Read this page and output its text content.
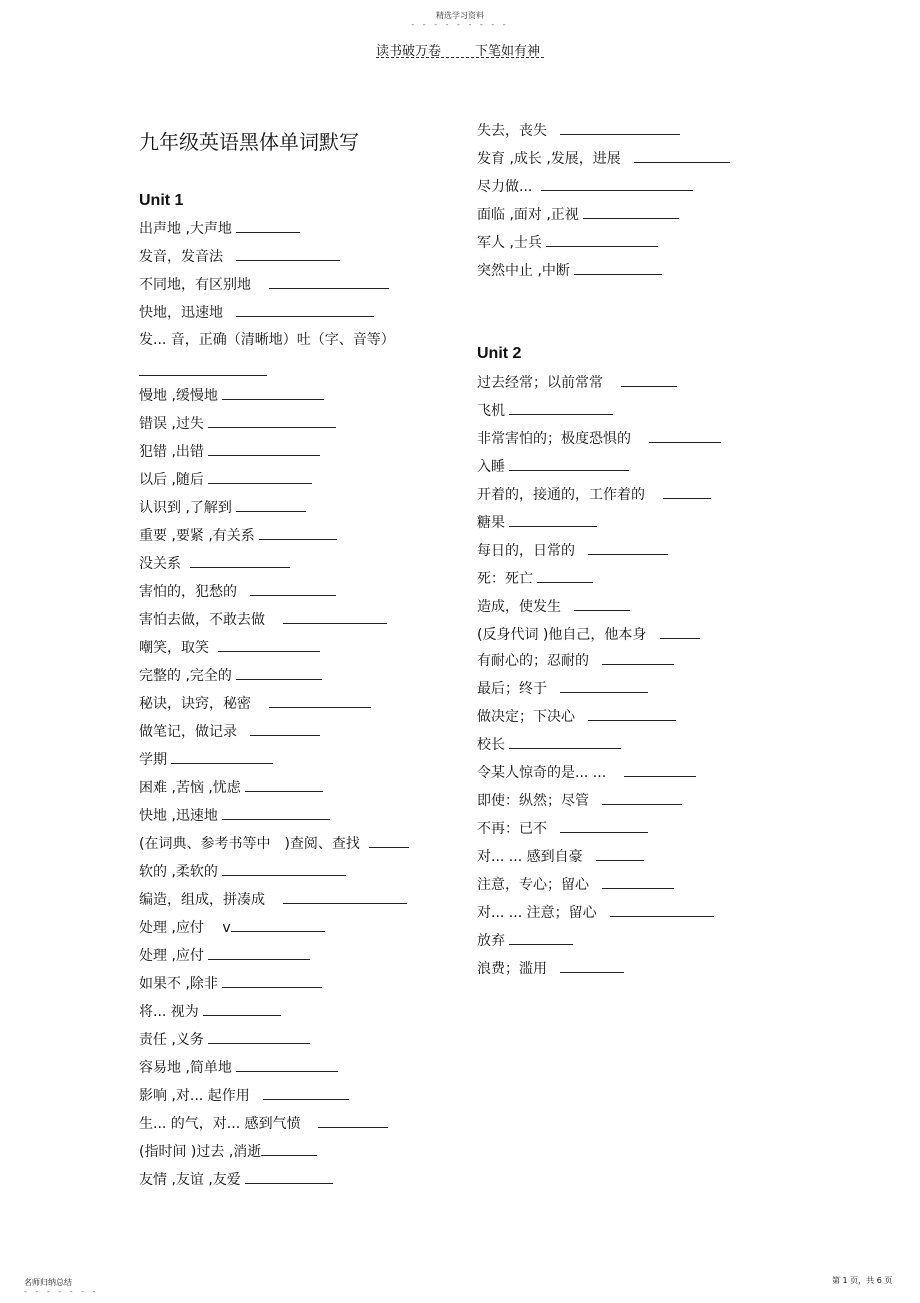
精选学习资料
- - - - - - - - -
读书破万卷	下笔如有神
九年级英语黑体单词默写
Unit 1
出声地 ,大声地
发音，发音法
不同地，有区别地
快地，迅速地
发... 音，正确（清晰地）吐（字、音等）
慢地 ,缓慢地
错误 ,过失
犯错 ,出错
以后 ,随后
认识到 ,了解到
重要 ,要紧 ,有关系
没关系
害怕的，犯愁的
害怕去做，不敢去做
嘲笑，取笑
完整的 ,完全的
秘诀，诀窍，秘密
做笔记，做记录
学期
困难 ,苦恼 ,忧虑
快地 ,迅速地
(在词典、参考书等中　)查阅、查找
软的 ,柔软的
编造，组成，拼凑成
处理 ,应付　 v
处理 ,应付
如果不 ,除非
将... 视为
责任 ,义务
容易地 ,简单地
影响 ,对... 起作用
生... 的气，对... 感到气愤
(指时间 )过去 ,消逝
友情 ,友谊 ,友爱
失去，丧失
发育 ,成长 ,发展，进展
尽力做...
面临 ,面对 ,正视
军人 ,士兵
突然中止 ,中断
Unit 2
过去经常；以前常常
飞机
非常害怕的；极度恐惧的
入睡
开着的，接通的，工作着的
糖果
每日的，日常的
死：死亡
造成，使发生
(反身代词 )他自己，他本身
有耐心的；忍耐的
最后；终于
做决定；下决心
校长
令某人惊奇的是... ...
即使：纵然；尽管
不再：已不
对... ... 感到自豪
注意，专心；留心
对... ... 注意；留心
放弃
浪费；滥用
名师归纳总结
- - - - - - -
第 1 页，共 6 页
